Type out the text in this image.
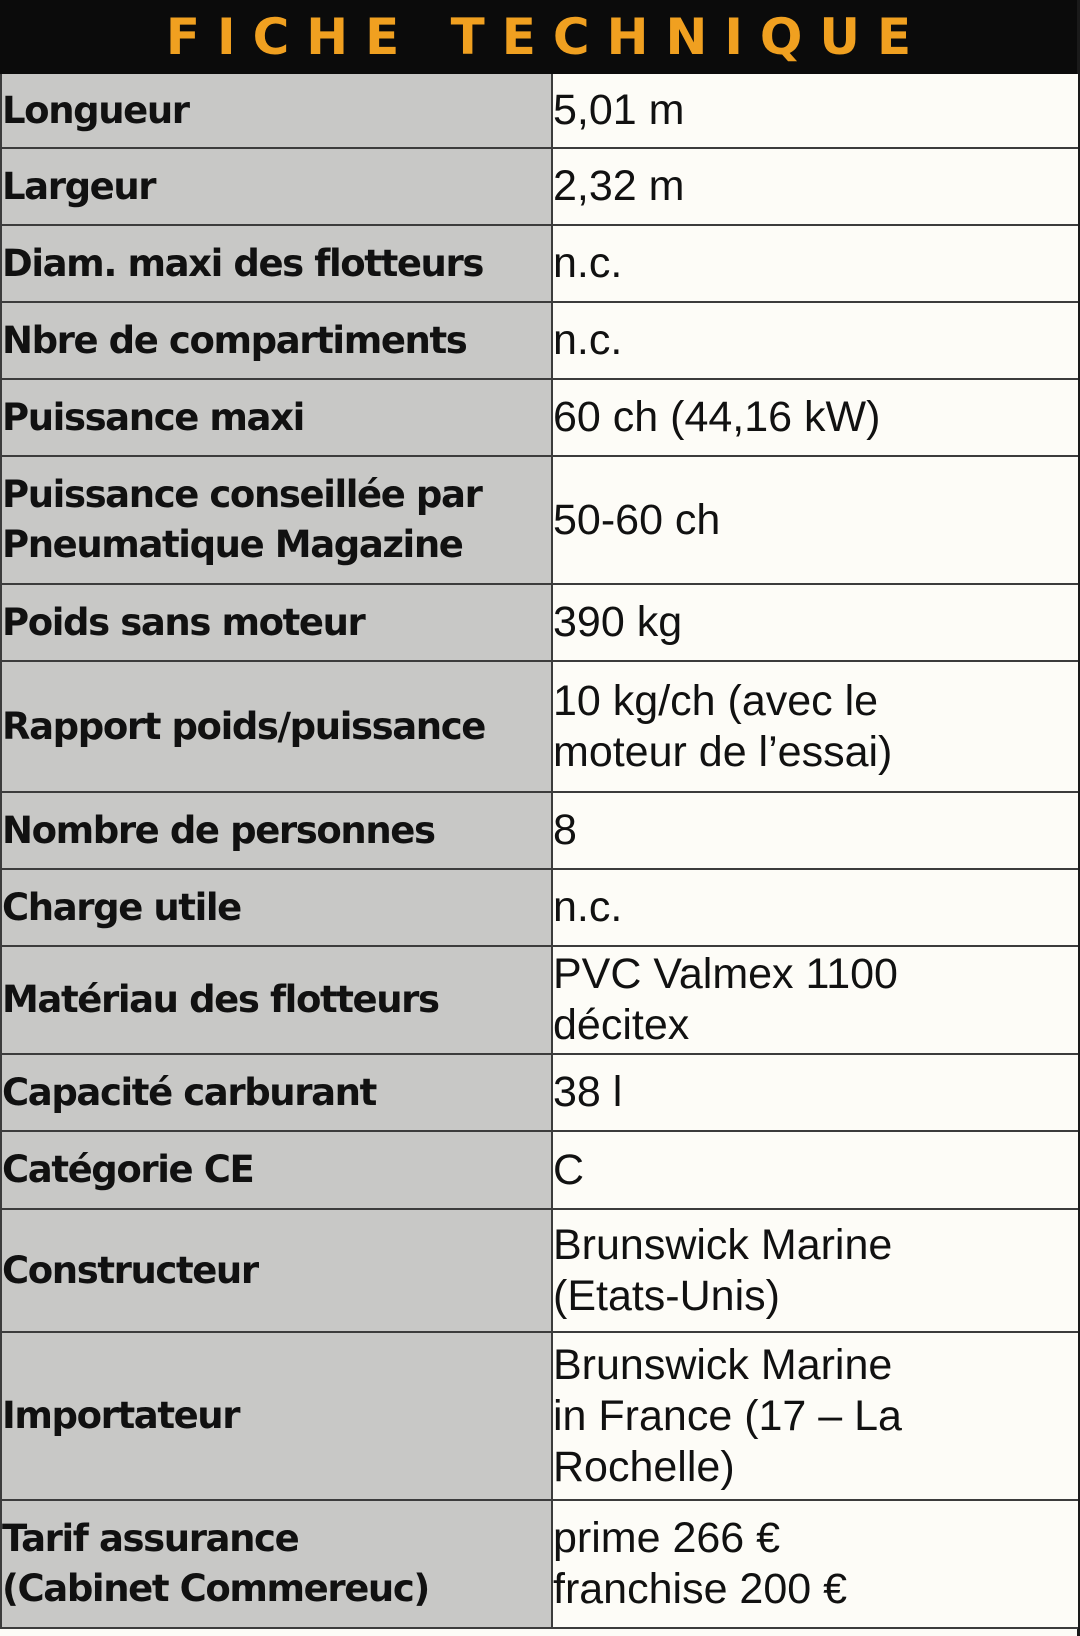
FICHE TECHNIQUE
Longueur	5,01 m
Largeur	2,32 m
Diam. maxi des flotteurs	n.c.
Nbre de compartiments	n.c.
Puissance maxi	60 ch (44,16 kW)
Puissance conseillée par
Pneumatique Magazine	50-60 ch
Poids sans moteur	390 kg
Rapport poids/puissance	10 kg/ch (avec le
moteur de l’essai)
Nombre de personnes	8
Charge utile	n.c.
Matériau des flotteurs	PVC Valmex 1100
décitex
Capacité carburant	38 l
Catégorie CE	C
Constructeur	Brunswick Marine
(Etats-Unis)
Importateur	Brunswick Marine
in France (17 – La
Rochelle)
Tarif assurance
(Cabinet Commereuc)	prime 266 €
franchise 200 €
